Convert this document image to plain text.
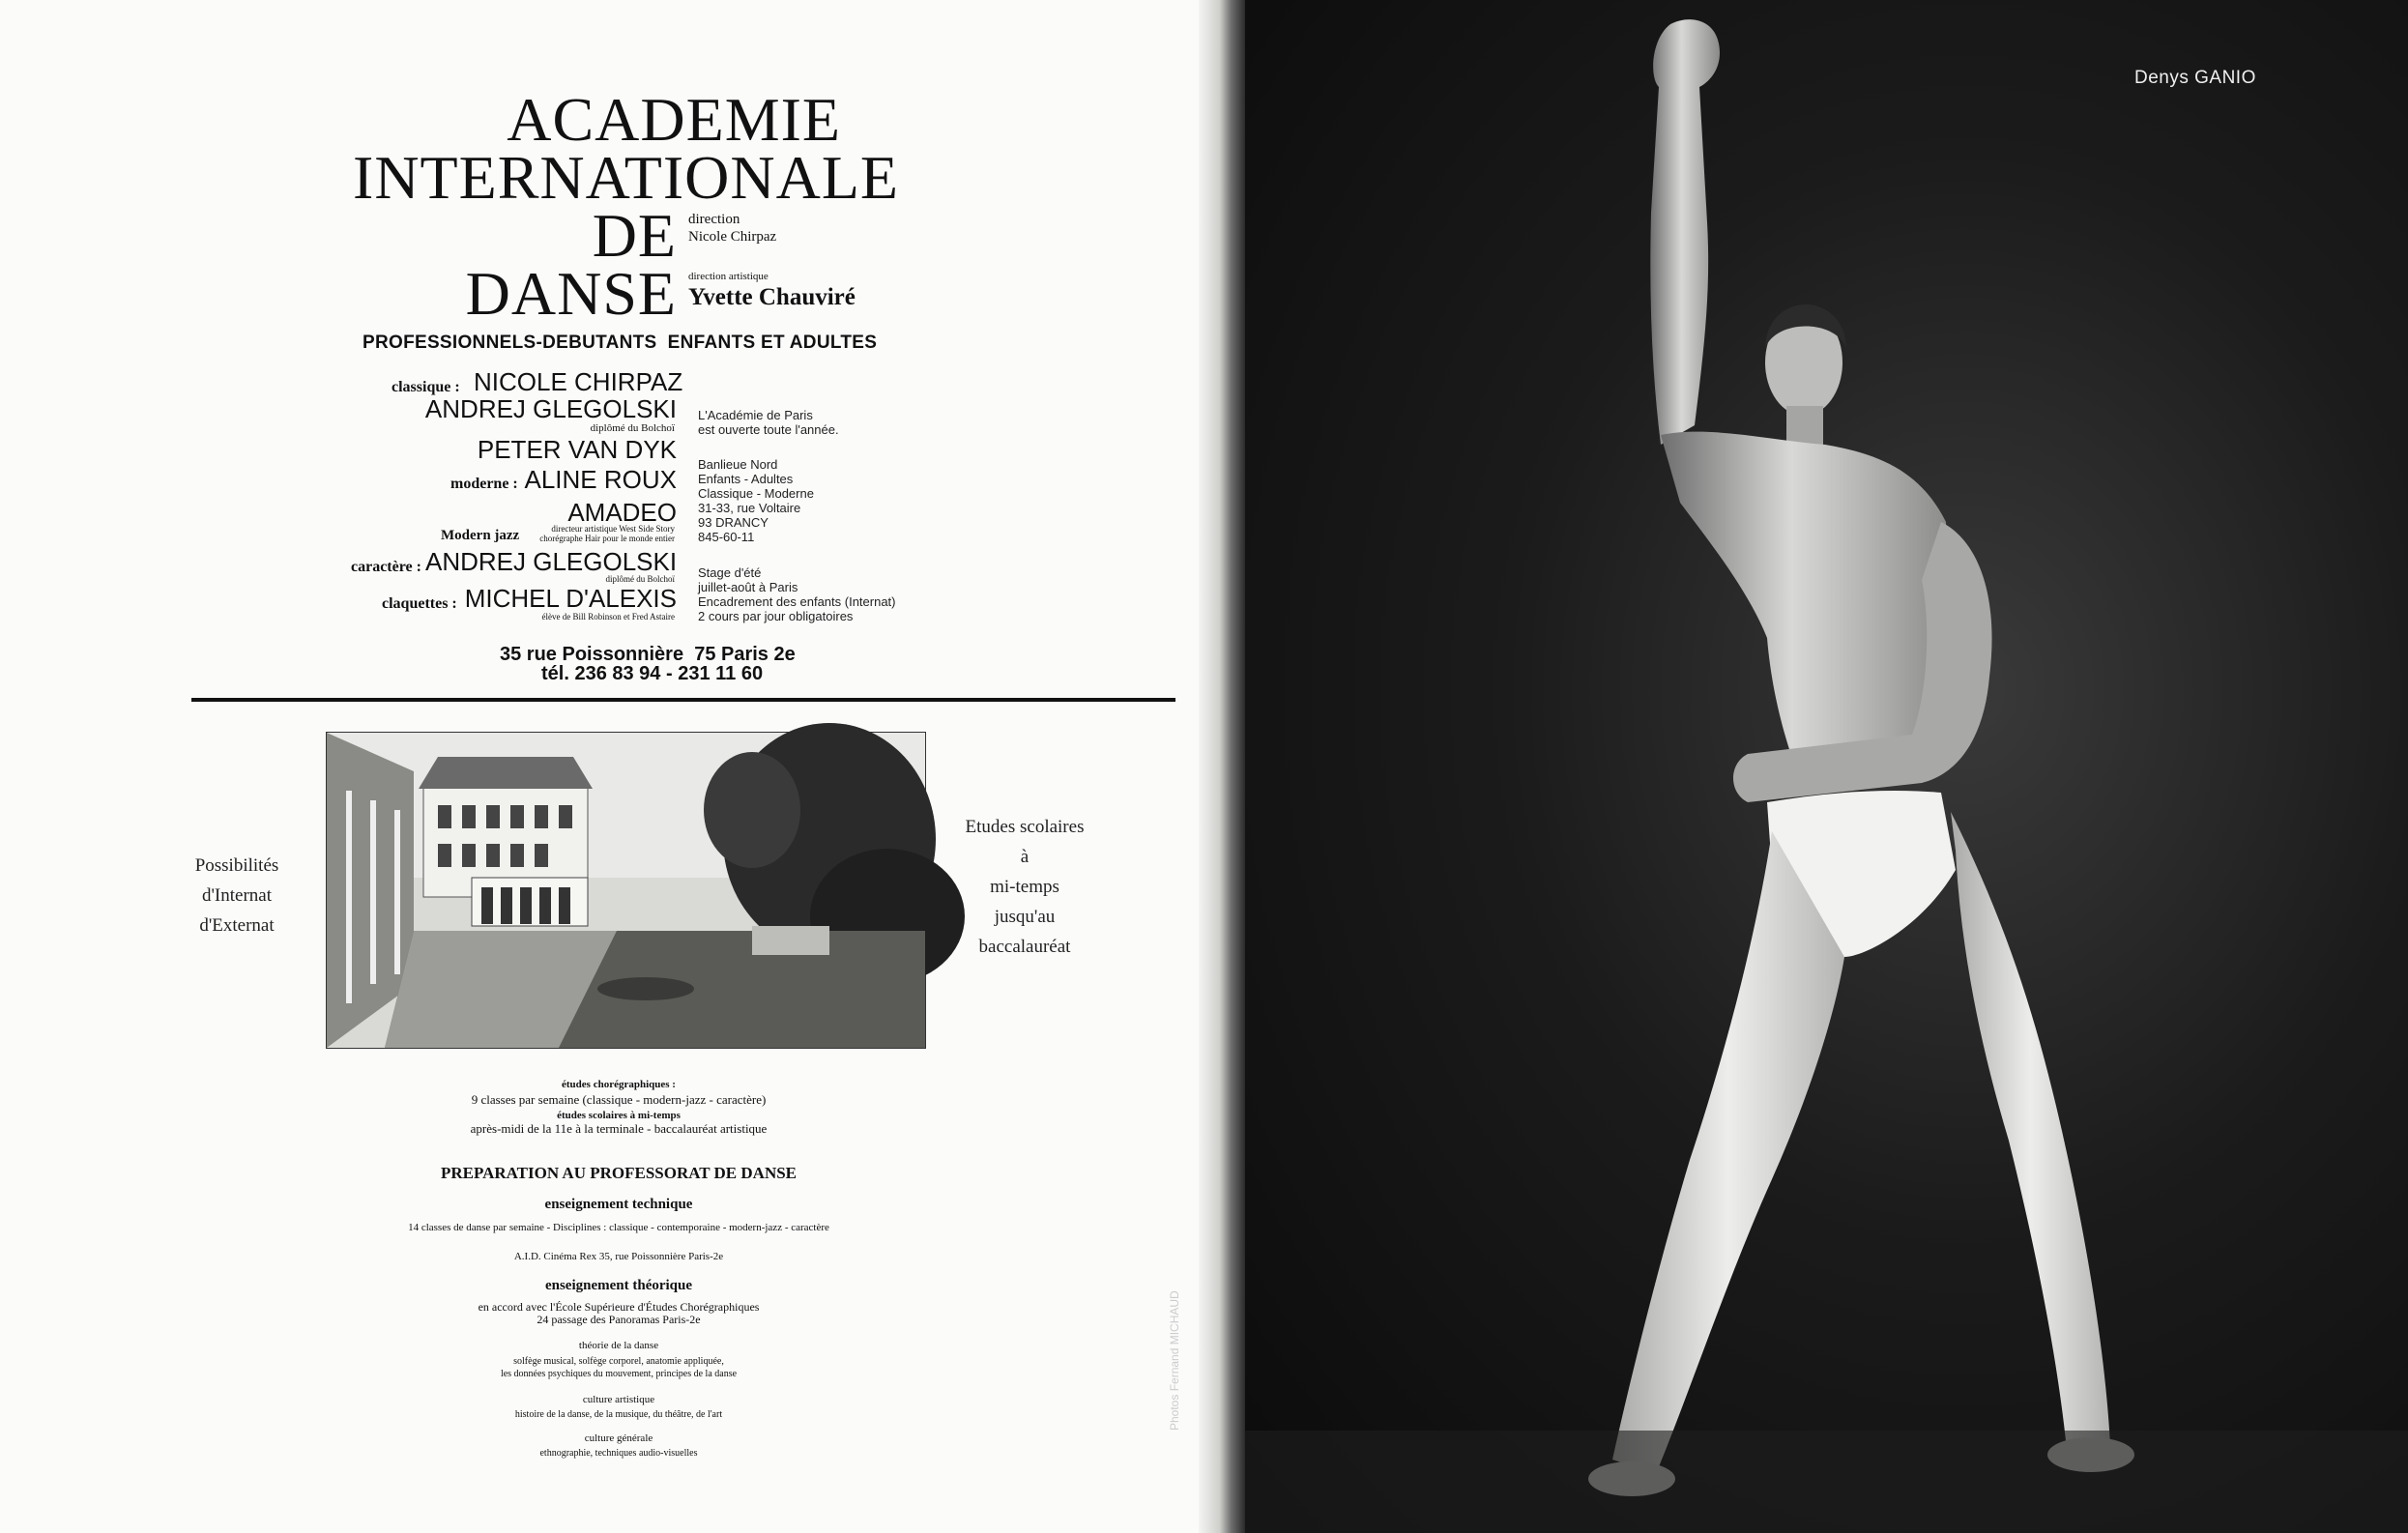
ACADEMIE
INTERNATIONALE
DE
DANSE
direction
Nicole Chirpaz
direction artistique
Yvette Chauviré
PROFESSIONNELS-DEBUTANTS  ENFANTS ET ADULTES
classique : NICOLE CHIRPAZ
ANDREJ GLEGOLSKI
diplômé du Bolchoï
PETER VAN DYK
moderne : ALINE ROUX
AMADEO
Modern jazz	directeur artistique West Side Story
chorégraphe Hair pour le monde entier
caractère : ANDREJ GLEGOLSKI
diplômé du Bolchoï
claquettes : MICHEL D'ALEXIS
élève de Bill Robinson et Fred Astaire
L'Académie de Paris
est ouverte toute l'année.
Banlieue Nord
Enfants - Adultes
Classique - Moderne
31-33, rue Voltaire
93 DRANCY
845-60-11
Stage d'été
juillet-août à Paris
Encadrement des enfants (Internat)
2 cours par jour obligatoires
35 rue Poissonnière  75 Paris 2e
tél. 236 83 94 - 231 11 60
Possibilités
d'Internat
d'Externat
Etudes scolaires
à
mi-temps
jusqu'au
baccalauréat
études chorégraphiques :
9 classes par semaine (classique - modern-jazz - caractère)
études scolaires à mi-temps
après-midi de la 11e à la terminale - baccalauréat artistique
PREPARATION AU PROFESSORAT DE DANSE
enseignement technique
14 classes de danse par semaine - Disciplines : classique - contemporaine - modern-jazz - caractère
A.I.D. Cinéma Rex 35, rue Poissonnière Paris-2e
enseignement théorique
en accord avec l'École Supérieure d'Études Chorégraphiques
24 passage des Panoramas Paris-2e
théorie de la danse
solfège musical, solfège corporel, anatomie appliquée,
les données psychiques du mouvement, principes de la danse
culture artistique
histoire de la danse, de la musique, du théâtre, de l'art
culture générale
ethnographie, techniques audio-visuelles
Denys GANIO
Photos Fernand MICHAUD
